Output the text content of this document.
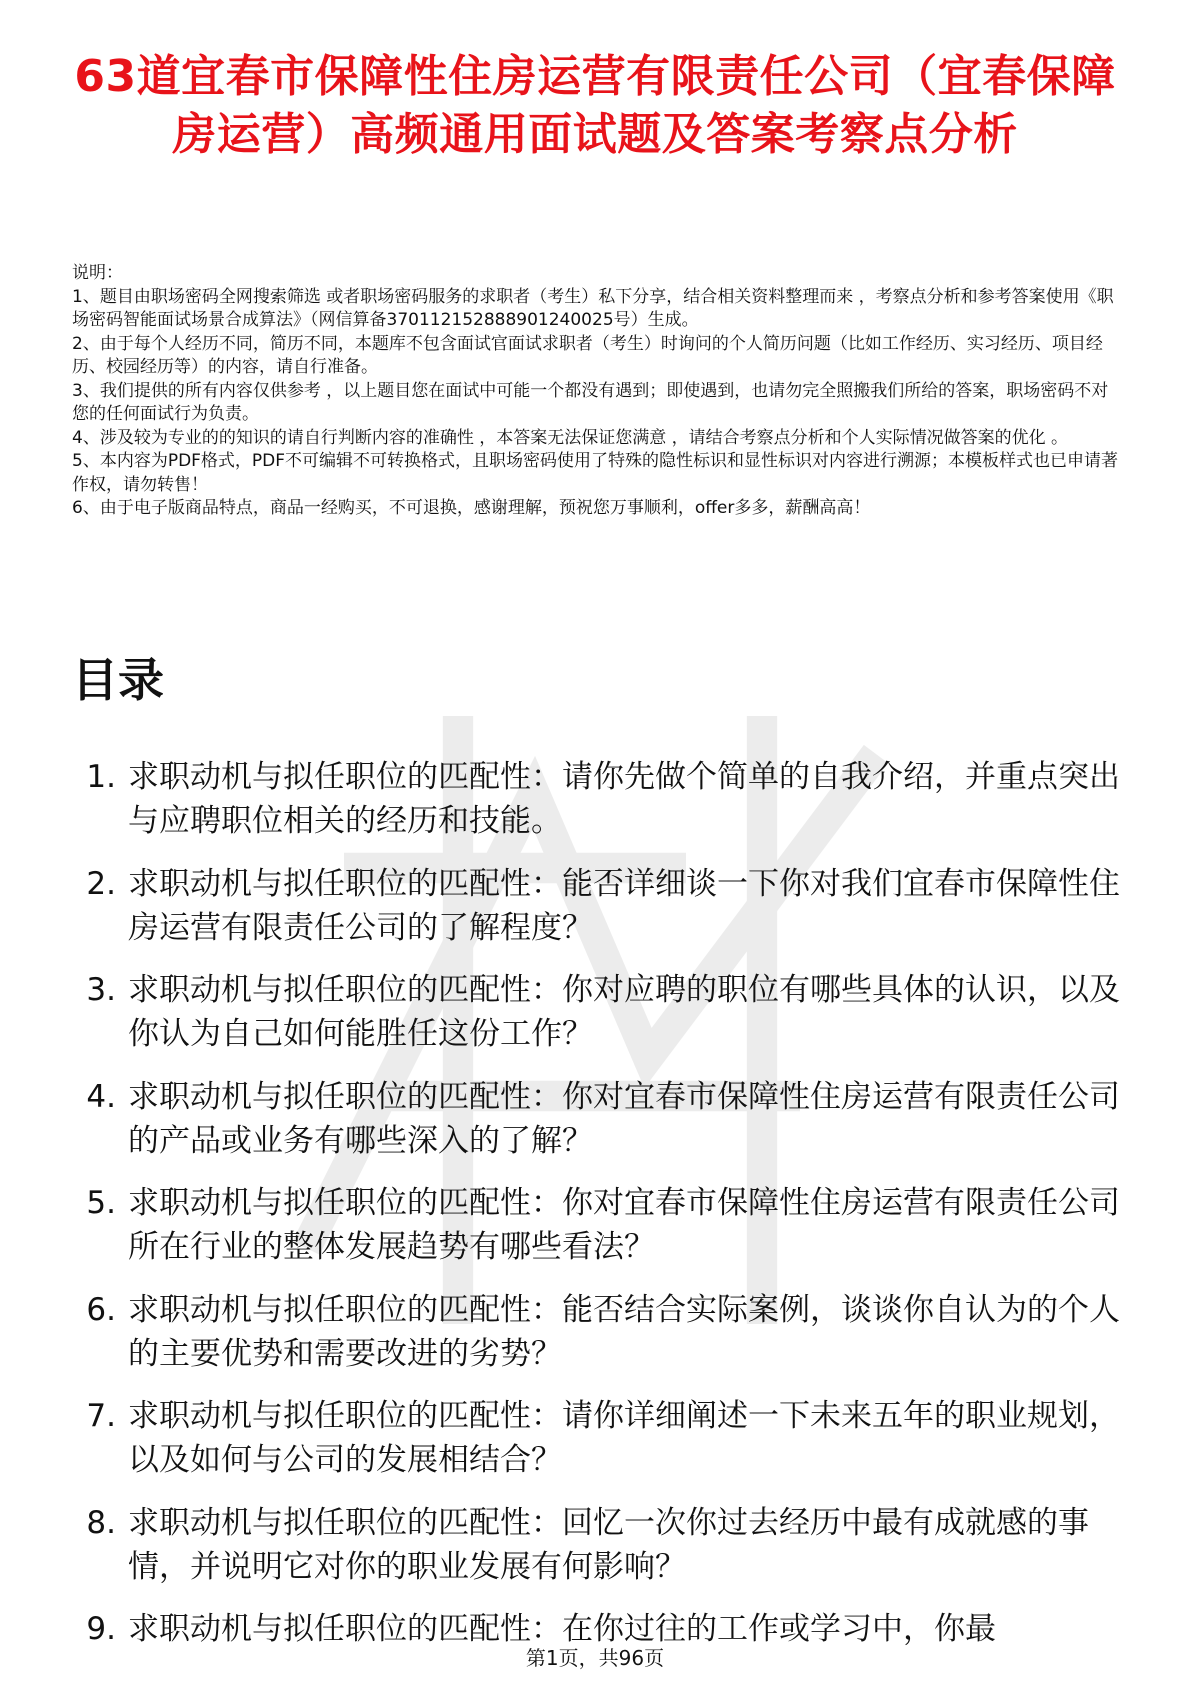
63道宜春市保障性住房运营有限责任公司（宜春保障房运营）高频通用面试题及答案考察点分析

说明：

1、题目由职场密码全网搜索筛选 或者职场密码服务的求职者（考生）私下分享，结合相关资料整理而来 ，考察点分析和参考答案使用《职场密码智能面试场景合成算法》（网信算备370112152888901240025号）生成。

2、由于每个人经历不同，简历不同，本题库不包含面试官面试求职者（考生）时询问的个人简历问题（比如工作经历、实习经历、项目经历、校园经历等）的内容，请自行准备。

3、我们提供的所有内容仅供参考 ，以上题目您在面试中可能一个都没有遇到；即使遇到，也请勿完全照搬我们所给的答案，职场密码不对您的任何面试行为负责。

4、涉及较为专业的的知识的请自行判断内容的准确性 ，本答案无法保证您满意 ，请结合考察点分析和个人实际情况做答案的优化 。

5、本内容为PDF格式，PDF不可编辑不可转换格式，且职场密码使用了特殊的隐性标识和显性标识对内容进行溯源；本模板样式也已申请著作权，请勿转售！

6、由于电子版商品特点，商品一经购买，不可退换，感谢理解，预祝您万事顺利，offer多多，薪酬高高！

目录
1. 求职动机与拟任职位的匹配性：请你先做个简单的自我介绍，并重点突出与应聘职位相关的经历和技能。
2. 求职动机与拟任职位的匹配性：能否详细谈一下你对我们宜春市保障性住房运营有限责任公司的了解程度？
3. 求职动机与拟任职位的匹配性：你对应聘的职位有哪些具体的认识，以及你认为自己如何能胜任这份工作？
4. 求职动机与拟任职位的匹配性：你对宜春市保障性住房运营有限责任公司的产品或业务有哪些深入的了解？
5. 求职动机与拟任职位的匹配性：你对宜春市保障性住房运营有限责任公司所在行业的整体发展趋势有哪些看法？
6. 求职动机与拟任职位的匹配性：能否结合实际案例，谈谈你自认为的个人的主要优势和需要改进的劣势？
7. 求职动机与拟任职位的匹配性：请你详细阐述一下未来五年的职业规划，以及如何与公司的发展相结合？
8. 求职动机与拟任职位的匹配性：回忆一次你过去经历中最有成就感的事情，并说明它对你的职业发展有何影响？
9. 求职动机与拟任职位的匹配性：在你过往的工作或学习中，你最
第1页，共96页
